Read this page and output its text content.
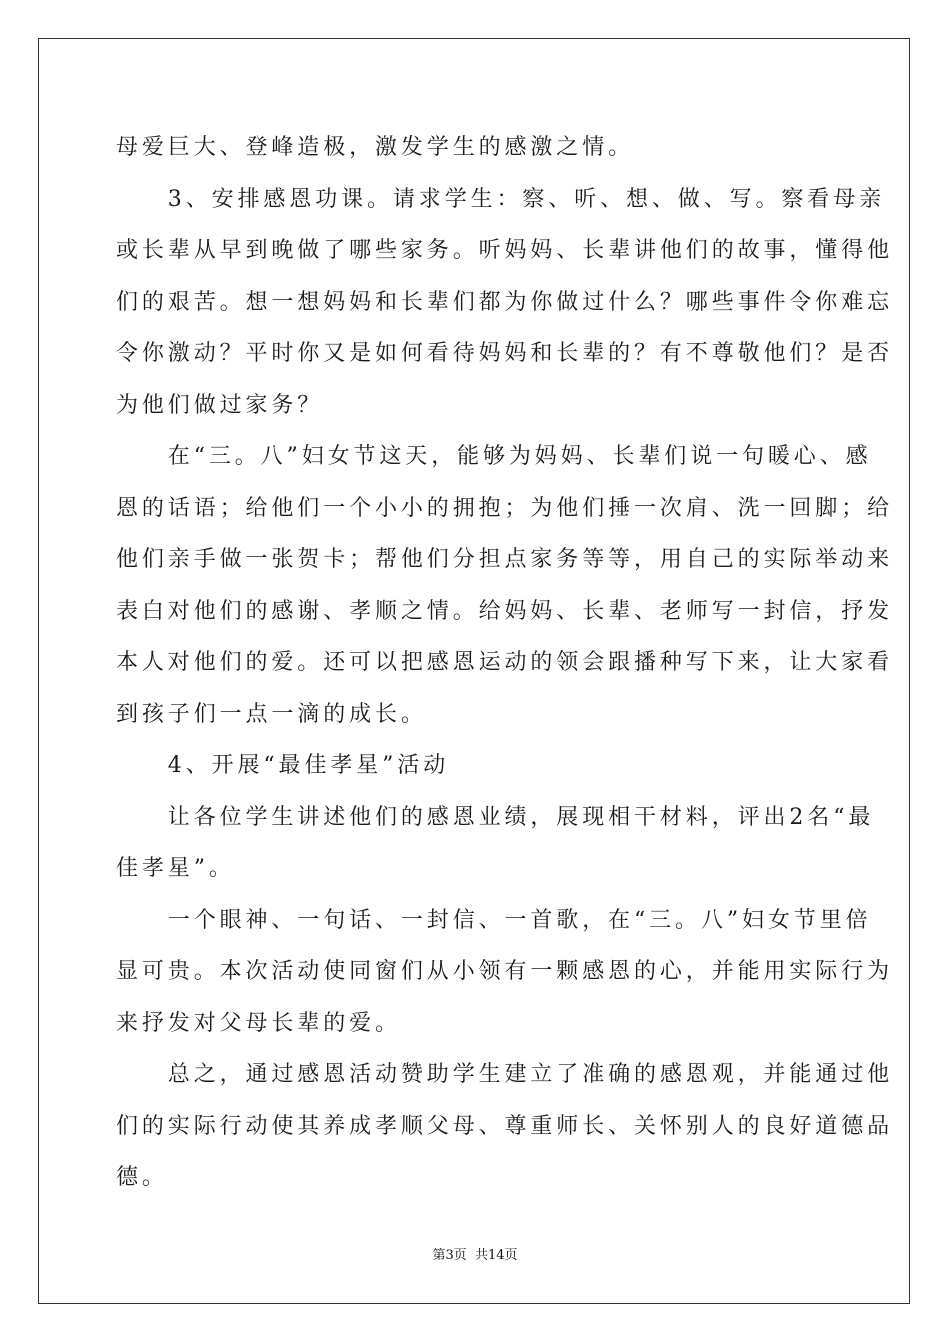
母爱巨大、登峰造极，激发学生的感激之情。
　　3、安排感恩功课。请求学生：察、听、想、做、写。察看母亲
或长辈从早到晚做了哪些家务。听妈妈、长辈讲他们的故事，懂得他
们的艰苦。想一想妈妈和长辈们都为你做过什么？哪些事件令你难忘
令你激动？平时你又是如何看待妈妈和长辈的？有不尊敬他们？是否
为他们做过家务？
　　在“三。八”妇女节这天，能够为妈妈、长辈们说一句暖心、感
恩的话语；给他们一个小小的拥抱；为他们捶一次肩、洗一回脚；给
他们亲手做一张贺卡；帮他们分担点家务等等，用自己的实际举动来
表白对他们的感谢、孝顺之情。给妈妈、长辈、老师写一封信，抒发
本人对他们的爱。还可以把感恩运动的领会跟播种写下来，让大家看
到孩子们一点一滴的成长。
　　4、开展“最佳孝星”活动
　　让各位学生讲述他们的感恩业绩，展现相干材料，评出2名“最
佳孝星”。
　　一个眼神、一句话、一封信、一首歌，在“三。八”妇女节里倍
显可贵。本次活动使同窗们从小领有一颗感恩的心，并能用实际行为
来抒发对父母长辈的爱。
　　总之，通过感恩活动赞助学生建立了准确的感恩观，并能通过他
们的实际行动使其养成孝顺父母、尊重师长、关怀别人的良好道德品
德。
第3页 共14页
